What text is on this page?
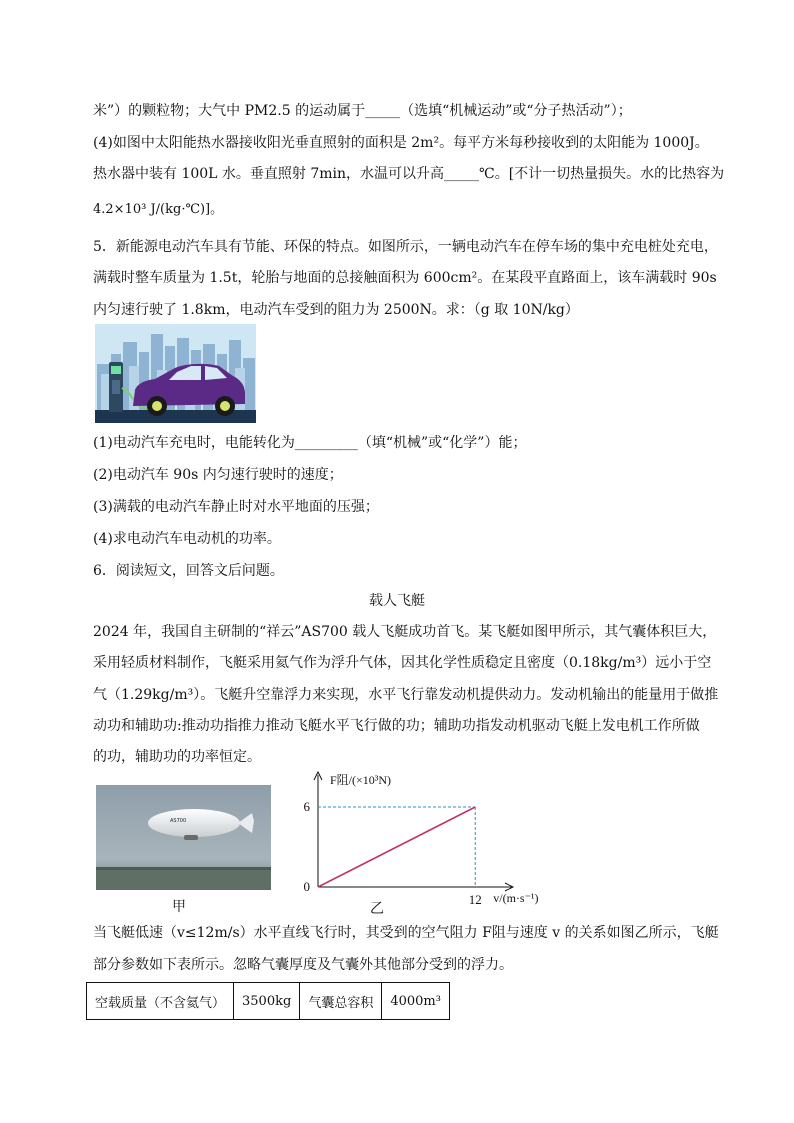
米”）的颗粒物；大气中 PM2.5 的运动属于_____（选填“机械运动”或“分子热活动”）；
(4)如图中太阳能热水器接收阳光垂直照射的面积是 2m²。每平方米每秒接收到的太阳能为 1000J。
热水器中装有 100L 水。垂直照射 7min，水温可以升高_____℃。[不计一切热量损失。水的比热容为
4.2×10³ J/(kg·℃)]。
5．新能源电动汽车具有节能、环保的特点。如图所示，一辆电动汽车在停车场的集中充电桩处充电，
满载时整车质量为 1.5t，轮胎与地面的总接触面积为 600cm²。在某段平直路面上，该车满载时 90s
内匀速行驶了 1.8km，电动汽车受到的阻力为 2500N。求：（g 取 10N/kg）
(1)电动汽车充电时，电能转化为_________（填“机械”或“化学”）能；
(2)电动汽车 90s 内匀速行驶时的速度；
(3)满载的电动汽车静止时对水平地面的压强；
(4)求电动汽车电动机的功率。
6．阅读短文，回答文后问题。
载人飞艇
2024 年，我国自主研制的“祥云”AS700 载人飞艇成功首飞。某飞艇如图甲所示，其气囊体积巨大，
采用轻质材料制作，飞艇采用氦气作为浮升气体，因其化学性质稳定且密度（0.18kg/m³）远小于空
气（1.29kg/m³）。飞艇升空靠浮力来实现，水平飞行靠发动机提供动力。发动机输出的能量用于做推
动功和辅助功:推动功指推力推动飞艇水平飞行做的功；辅助功指发动机驱动飞艇上发电机工作所做
的功，辅助功的功率恒定。
AS700
甲
0
6
12 v/(m·s⁻¹)
F阻/(×10³N)
乙
当飞艇低速（v≤12m/s）水平直线飞行时，其受到的空气阻力 F阻与速度 v 的关系如图乙所示，飞艇
部分参数如下表所示。忽略气囊厚度及气囊外其他部分受到的浮力。
空载质量（不含氦气）	3500kg	气囊总容积	4000m³
